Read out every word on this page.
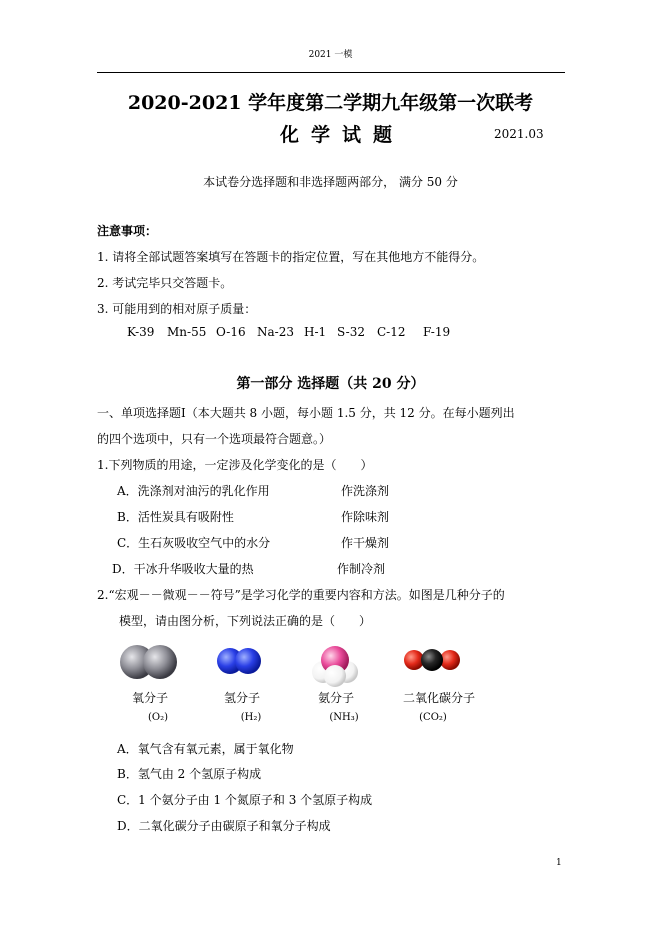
2021 一模
2020-2021 学年度第二学期九年级第一次联考
化学试题	2021.03
本试卷分选择题和非选择题两部分， 满分 50 分
注意事项：
1. 请将全部试题答案填写在答题卡的指定位置，写在其他地方不能得分。
2. 考试完毕只交答题卡。
3. 可能用到的相对原子质量：
K-39 Mn-55 O-16 Na-23 H-1 S-32 C-12 F-19
第一部分 选择题（共 20 分）
一、单项选择题Ⅰ（本大题共 8 小题，每小题 1.5 分，共 12 分。在每小题列出
的四个选项中，只有一个选项最符合题意。）
1.下列物质的用途，一定涉及化学变化的是（　　）
A．洗涤剂对油污的乳化作用	作洗涤剂
B．活性炭具有吸附性	作除味剂
C．生石灰吸收空气中的水分	作干燥剂
D．干冰升华吸收大量的热	作制冷剂
2.“宏观－－微观－－符号”是学习化学的重要内容和方法。如图是几种分子的
模型，请由图分析，下列说法正确的是（　　）
氧分子
(O₂)
氢分子
(H₂)
氨分子
(NH₃)
二氧化碳分子
(CO₂)
A．氧气含有氧元素，属于氧化物
B．氢气由 2 个氢原子构成
C．1 个氨分子由 1 个氮原子和 3 个氢原子构成
D．二氧化碳分子由碳原子和氧分子构成
1
